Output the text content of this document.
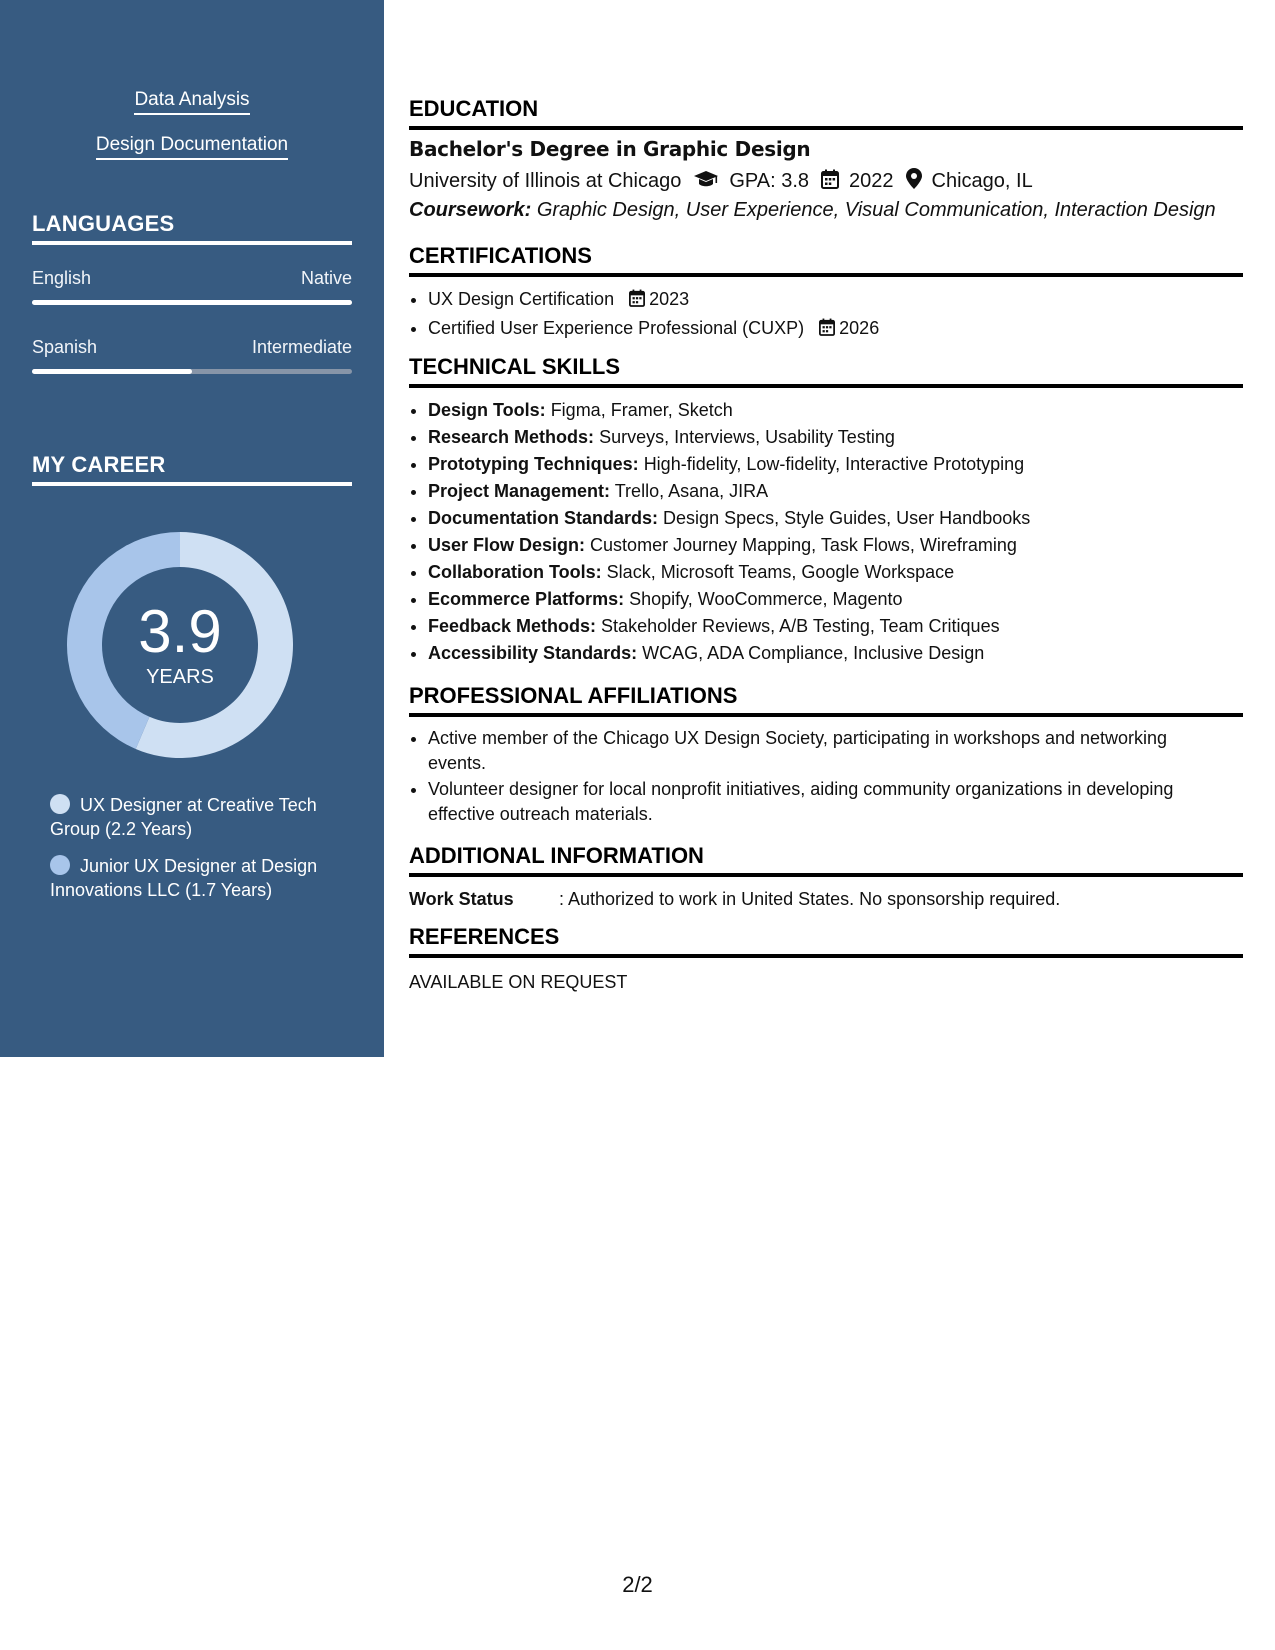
Data Analysis
Design Documentation
LANGUAGES
English	Native
Spanish	Intermediate
MY CAREER
3.9
YEARS
UX Designer at Creative Tech Group (2.2 Years)
Junior UX Designer at Design Innovations LLC (1.7 Years)
EDUCATION
Bachelor's Degree in Graphic Design
University of Illinois at Chicago GPA: 3.8 2022 Chicago, IL
Coursework: Graphic Design, User Experience, Visual Communication, Interaction Design
CERTIFICATIONS
• UX Design Certification 2023
• Certified User Experience Professional (CUXP) 2026
TECHNICAL SKILLS
• Design Tools: Figma, Framer, Sketch
• Research Methods: Surveys, Interviews, Usability Testing
• Prototyping Techniques: High-fidelity, Low-fidelity, Interactive Prototyping
• Project Management: Trello, Asana, JIRA
• Documentation Standards: Design Specs, Style Guides, User Handbooks
• User Flow Design: Customer Journey Mapping, Task Flows, Wireframing
• Collaboration Tools: Slack, Microsoft Teams, Google Workspace
• Ecommerce Platforms: Shopify, WooCommerce, Magento
• Feedback Methods: Stakeholder Reviews, A/B Testing, Team Critiques
• Accessibility Standards: WCAG, ADA Compliance, Inclusive Design
PROFESSIONAL AFFILIATIONS
• Active member of the Chicago UX Design Society, participating in workshops and networking events.
• Volunteer designer for local nonprofit initiatives, aiding community organizations in developing effective outreach materials.
ADDITIONAL INFORMATION
Work Status	: Authorized to work in United States. No sponsorship required.
REFERENCES
AVAILABLE ON REQUEST
2/2
